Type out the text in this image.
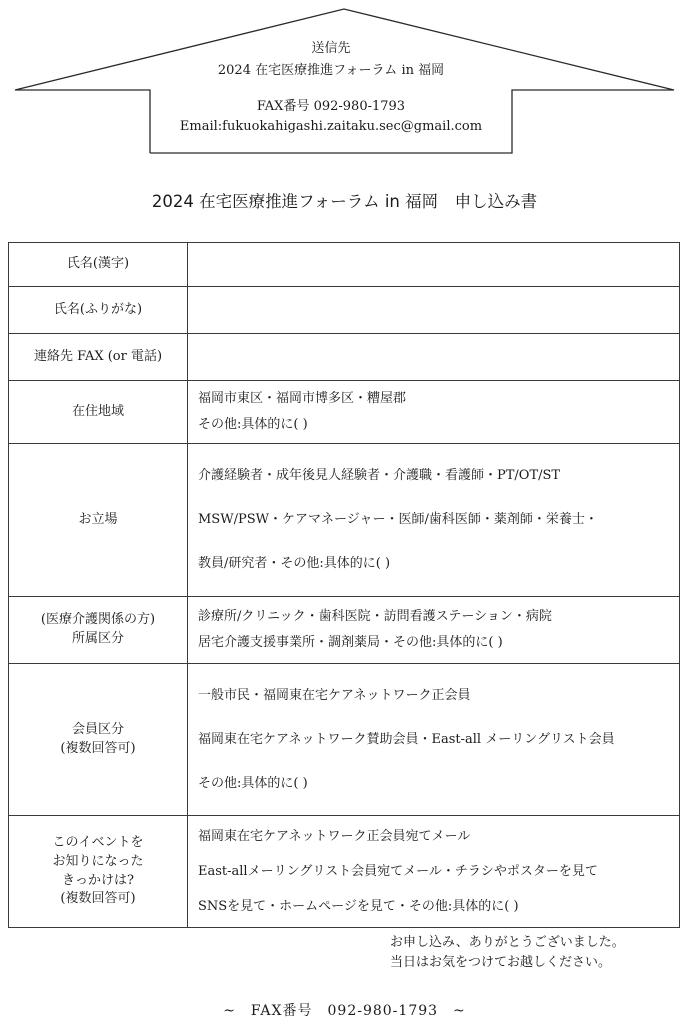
送信先
2024 在宅医療推進フォーラム in 福岡
FAX番号 092-980-1793
Email:fukuokahigashi.zaitaku.sec@gmail.com
2024 在宅医療推進フォーラム in 福岡　申し込み書
氏名(漢字)	
氏名(ふりがな)	
連絡先 FAX (or 電話)	
在住地域	福岡市東区・福岡市博多区・糟屋郡
その他:具体的に( )

お立場	介護経験者・成年後見人経験者・介護職・看護師・PT/OT/ST
MSW/PSW・ケアマネージャー・医師/歯科医師・薬剤師・栄養士・
教員/研究者・その他:具体的に( )

(医療介護関係の方)
所属区分	診療所/クリニック・歯科医院・訪問看護ステーション・病院
居宅介護支援事業所・調剤薬局・その他:具体的に( )

会員区分
(複数回答可)	一般市民・福岡東在宅ケアネットワーク正会員
福岡東在宅ケアネットワーク賛助会員・East-all メーリングリスト会員
その他:具体的に( )

このイベントを
お知りになった
きっかけは?
(複数回答可)	福岡東在宅ケアネットワーク正会員宛てメール
East-allメーリングリスト会員宛てメール・チラシやポスターを見て
SNSを見て・ホームページを見て・その他:具体的に( )
お申し込み、ありがとうございました。
当日はお気をつけてお越しください。
~　FAX番号　092-980-1793　~
